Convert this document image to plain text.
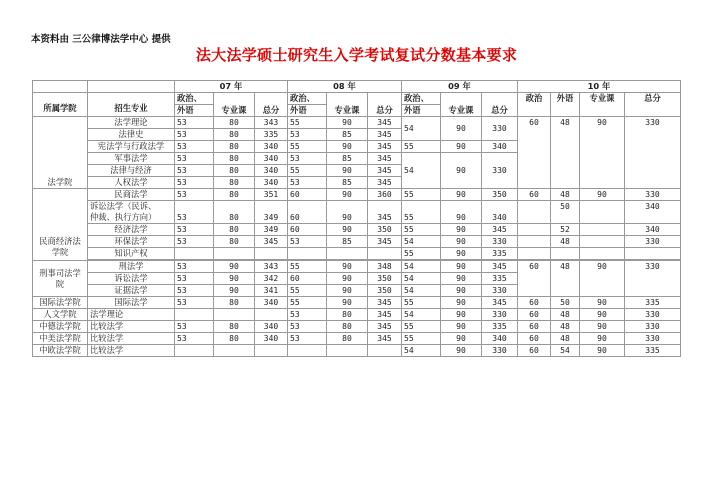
本资料由 三公律博法学中心 提供
法大法学硕士研究生入学考试复试分数基本要求
		07 年			08 年			09 年			10 年			
所属学院	招生专业	政治、	专业课	总分	政治、	专业课	总分	政治、	专业课	总分	政治	外语	专业课	总分
		外语			外语			外语						
法学院	法学理论	53	80	343	55	90	345	54	90	330	60	48	90	330
	法律史	53	80	335	53	85	345							
	宪法学与行政法学	53	80	340	55	90	345	55	90	340				
	军事法学	53	80	340	53	85	345	54	90	330				
	法律与经济	53	80	340	55	90	345							
	人权法学	53	80	340	53	85	345							
民商经济法
学院	民商法学	53	80	351	60	90	360	55	90	350	60	48	90	330
	诉讼法学（民诉、
仲裁、执行方向）	53	80	349	60	90	345	55	90	340		50		340
	经济法学	53	80	349	60	90	350	55	90	345		52		340
	环保法学	53	80	345	53	85	345	54	90	330		48		330
	知识产权							55	90	335				

刑事司法学
院	刑法学	53	90	343	55	90	348	54	90	345	60	48	90	330
	诉讼法学	53	90	342	60	90	350	54	90	335				
	证据法学	53	90	341	55	90	350	54	90	330				
国际法学院	国际法学	53	80	340	55	90	345	55	90	345	60	50	90	335
人文学院	法学理论				53	80	345	54	90	330	60	48	90	330
中德法学院	比较法学	53	80	340	53	80	345	55	90	335	60	48	90	330
中美法学院	比较法学	53	80	340	53	80	345	55	90	340	60	48	90	330
中欧法学院	比较法学							54	90	330	60	54	90	335
